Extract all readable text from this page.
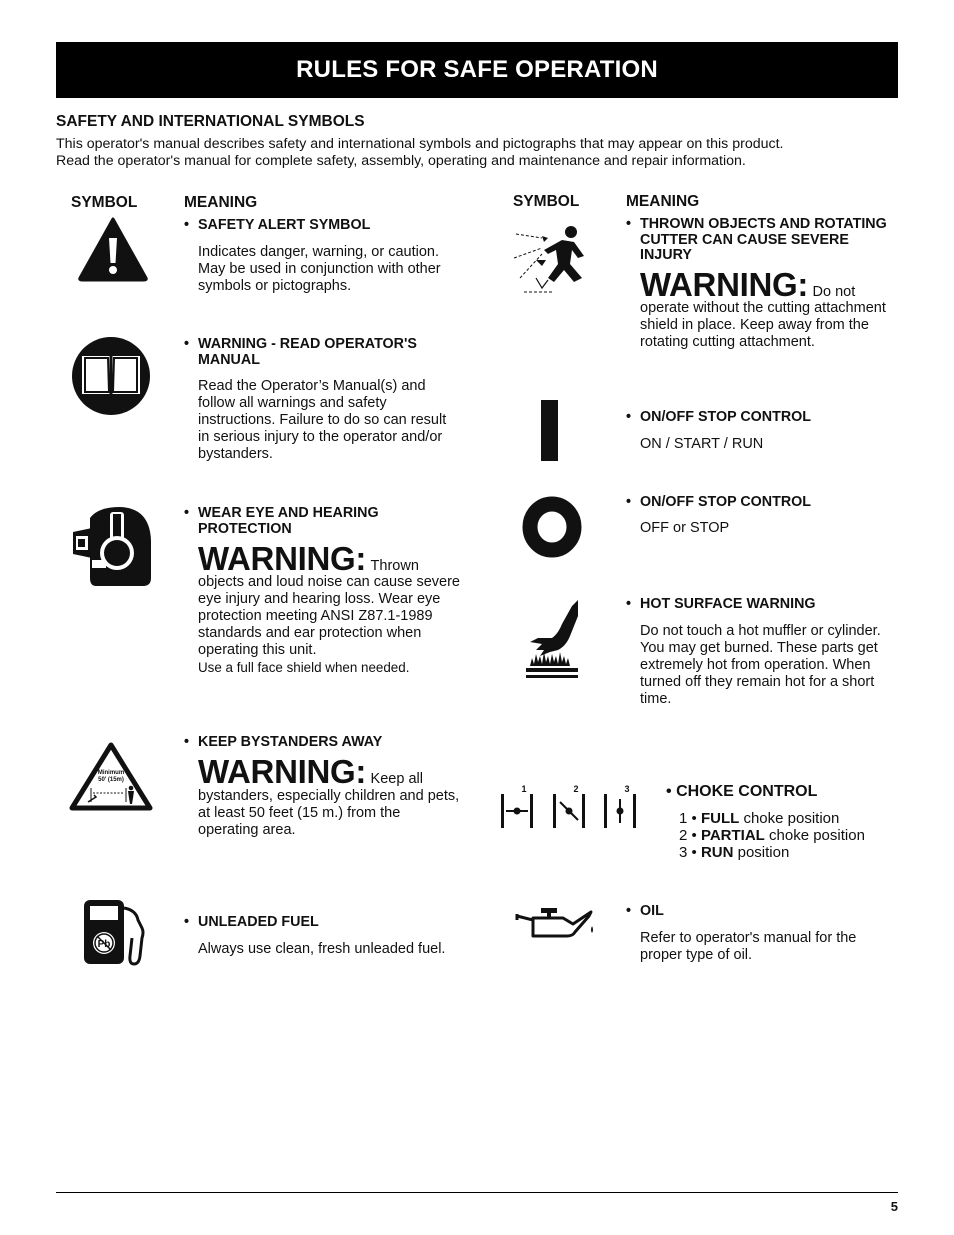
RULES FOR SAFE OPERATION
SAFETY AND INTERNATIONAL SYMBOLS
This operator's manual describes safety and international symbols and pictographs that may appear on this product.
Read the operator's manual for complete safety, assembly, operating and maintenance and repair information.
SYMBOL	MEANING	SYMBOL	MEANING
• SAFETY ALERT SYMBOL
Indicates danger, warning, or caution. May be used in conjunction with other symbols or pictographs.
• WARNING - READ OPERATOR'S MANUAL
Read the Operator’s Manual(s) and follow all warnings and safety instructions. Failure to do so can result in serious injury to the operator and/or bystanders.
• WEAR EYE AND HEARING PROTECTION
WARNING: Thrown
objects and loud noise can cause severe eye injury and hearing loss. Wear eye protection meeting ANSI Z87.1-1989 standards and ear protection when operating this unit.
Use a full face shield when needed.
Minimum
50' (15m)
• KEEP BYSTANDERS AWAY
WARNING: Keep all
bystanders, especially children and pets, at least 50 feet (15 m.) from the operating area.
Pb
• UNLEADED FUEL
Always use clean, fresh unleaded fuel.
• THROWN OBJECTS AND ROTATING CUTTER CAN CAUSE SEVERE INJURY
WARNING: Do not
operate without the cutting attachment shield in place. Keep away from the rotating cutting attachment.
• ON/OFF STOP CONTROL
ON / START / RUN
• ON/OFF STOP CONTROL
OFF or STOP
• HOT SURFACE WARNING
Do not touch a hot muffler or cylinder. You may get burned. These parts get extremely hot from operation. When turned off they remain hot for a short time.
1	2	3 • CHOKE CONTROL
1 • FULL choke position
2 • PARTIAL choke position
3 • RUN position
• OIL
Refer to operator's manual for the proper type of oil.
5
